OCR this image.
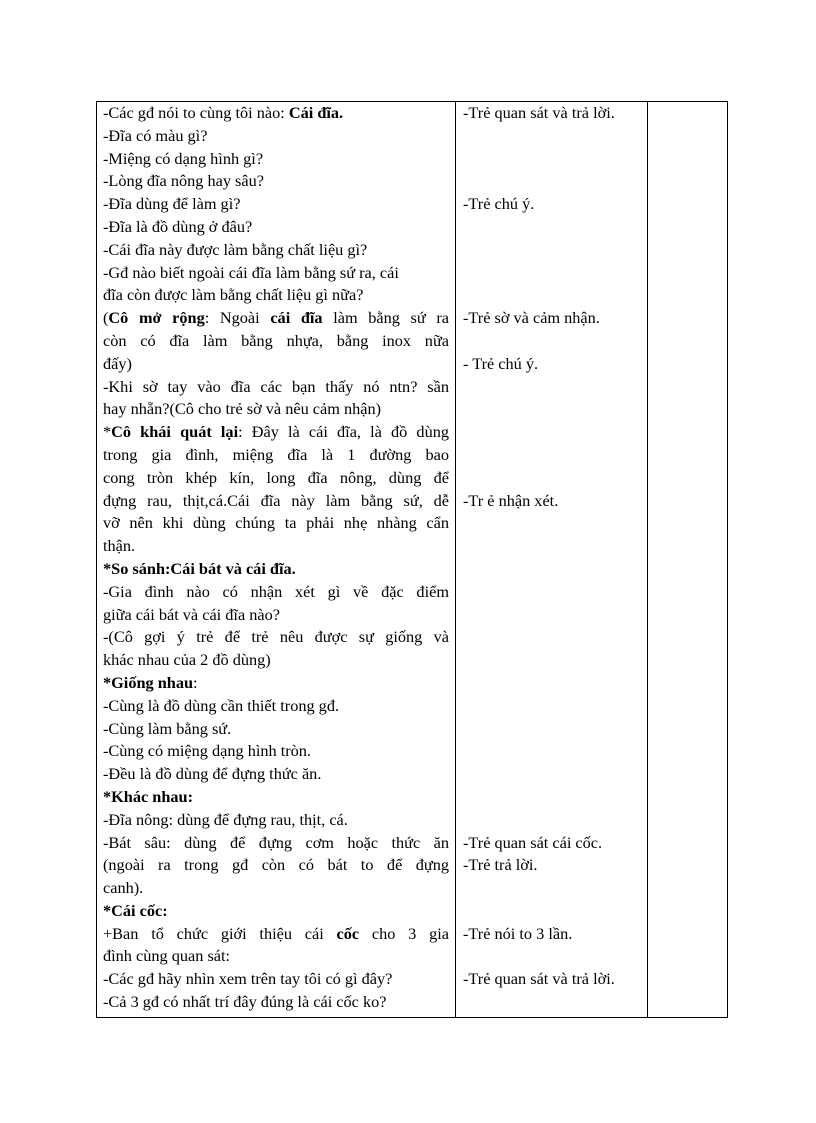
-Các gđ nói to cùng tôi nào: Cái đĩa.
-Đĩa có màu gì?
-Miệng có dạng hình gì?
-Lòng đĩa nông hay sâu?
-Đĩa dùng để làm gì?
-Đĩa là đồ dùng ở đâu?
-Cái đĩa này được làm bằng chất liệu gì?
-Gđ nào biết ngoài cái đĩa làm bằng sứ ra, cái
đĩa còn được làm bằng chất liệu gì nữa?
(Cô mở rộng: Ngoài cái đĩa làm bằng sứ ra
còn có đĩa làm bằng nhựa, bằng inox nữa
đấy)
-Khi sờ tay vào đĩa các bạn thấy nó ntn? sần
hay nhẵn?(Cô cho trẻ sờ và nêu cảm nhận)
*Cô khái quát lại: Đây là cái đĩa, là đồ dùng
trong gia đình, miệng đĩa là 1 đường bao
cong tròn khép kín, long đĩa nông, dùng để
đựng rau, thịt,cá.Cái đĩa này làm bằng sứ, dễ
vỡ nên khi dùng chúng ta phải nhẹ nhàng cẩn
thận.
*So sánh:Cái bát và cái đĩa.
-Gia đình nào có nhận xét gì về đặc điểm
giữa cái bát và cái đĩa nào?
-(Cô gợi ý trẻ để trẻ nêu được sự giống và
khác nhau của 2 đồ dùng)
*Giống nhau:
-Cùng là đồ dùng cần thiết trong gđ.
-Cùng làm bằng sứ.
-Cùng có miệng dạng hình tròn.
-Đều là đồ dùng để đựng thức ăn.
*Khác nhau:
-Đĩa nông: dùng để đựng rau, thịt, cá.
-Bát sâu: dùng để đựng cơm hoặc thức ăn
(ngoài ra trong gđ còn có bát to để đựng
canh).
*Cái cốc:
+Ban tổ chức giới thiệu cái cốc cho 3 gia
đình cùng quan sát:
-Các gđ hãy nhìn xem trên tay tôi có gì đây?
-Cả 3 gđ có nhất trí đây đúng là cái cốc ko?
-Trẻ quan sát và trả lời.
-Trẻ chú ý.
-Trẻ sờ và cảm nhận.
- Trẻ chú ý.
-Tr ẻ nhận xét.
-Trẻ quan sát cái cốc.
-Trẻ trả lời.
-Trẻ nói to 3 lần.
-Trẻ quan sát và trả lời.
